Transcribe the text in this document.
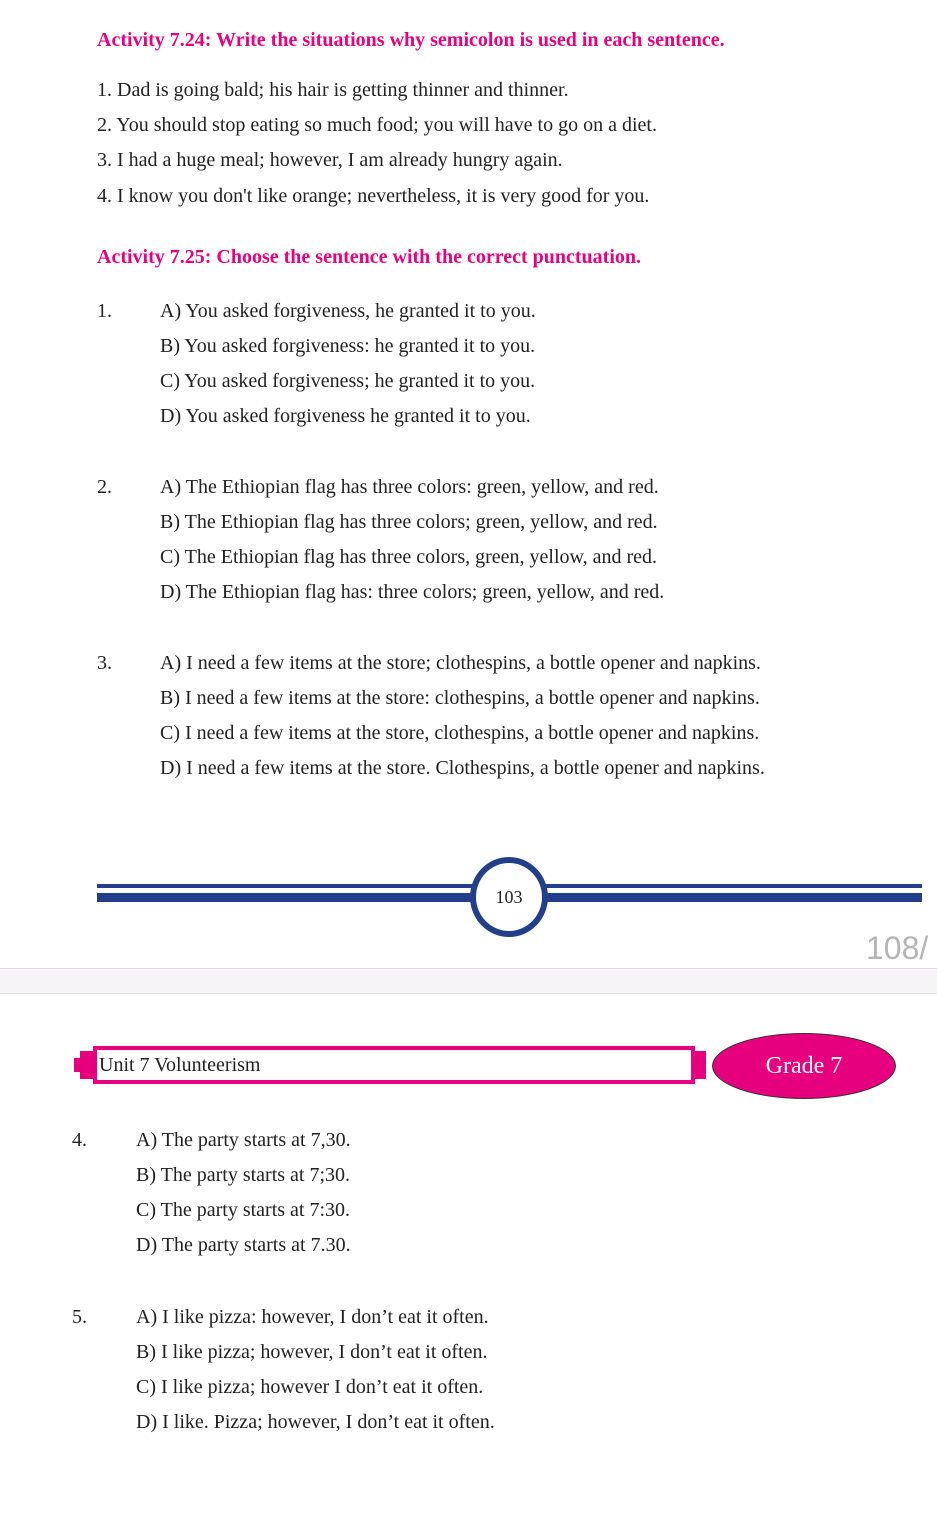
Activity 7.24: Write the situations why semicolon is used in each sentence.
1. Dad is going bald; his hair is getting thinner and thinner.
2. You should stop eating so much food; you will have to go on a diet.
3. I had a huge meal; however, I am already hungry again.
4. I know you don't like orange; nevertheless, it is very good for you.
Activity 7.25: Choose the sentence with the correct punctuation.
1. A) You asked forgiveness, he granted it to you.
B) You asked forgiveness: he granted it to you.
C) You asked forgiveness; he granted it to you.
D) You asked forgiveness he granted it to you.
2. A) The Ethiopian flag has three colors: green, yellow, and red.
B) The Ethiopian flag has three colors; green, yellow, and red.
C) The Ethiopian flag has three colors, green, yellow, and red.
D) The Ethiopian flag has: three colors; green, yellow, and red.
3. A) I need a few items at the store; clothespins, a bottle opener and napkins.
B) I need a few items at the store: clothespins, a bottle opener and napkins.
C) I need a few items at the store, clothespins, a bottle opener and napkins.
D) I need a few items at the store. Clothespins, a bottle opener and napkins.
4. A) The party starts at 7,30.
B) The party starts at 7;30.
C) The party starts at 7:30.
D) The party starts at 7.30.
5. A) I like pizza: however, I don’t eat it often.
B) I like pizza; however, I don’t eat it often.
C) I like pizza; however I don’t eat it often.
D) I like. Pizza; however, I don’t eat it often.
103
108/
Unit 7 Volunteerism	Grade 7
